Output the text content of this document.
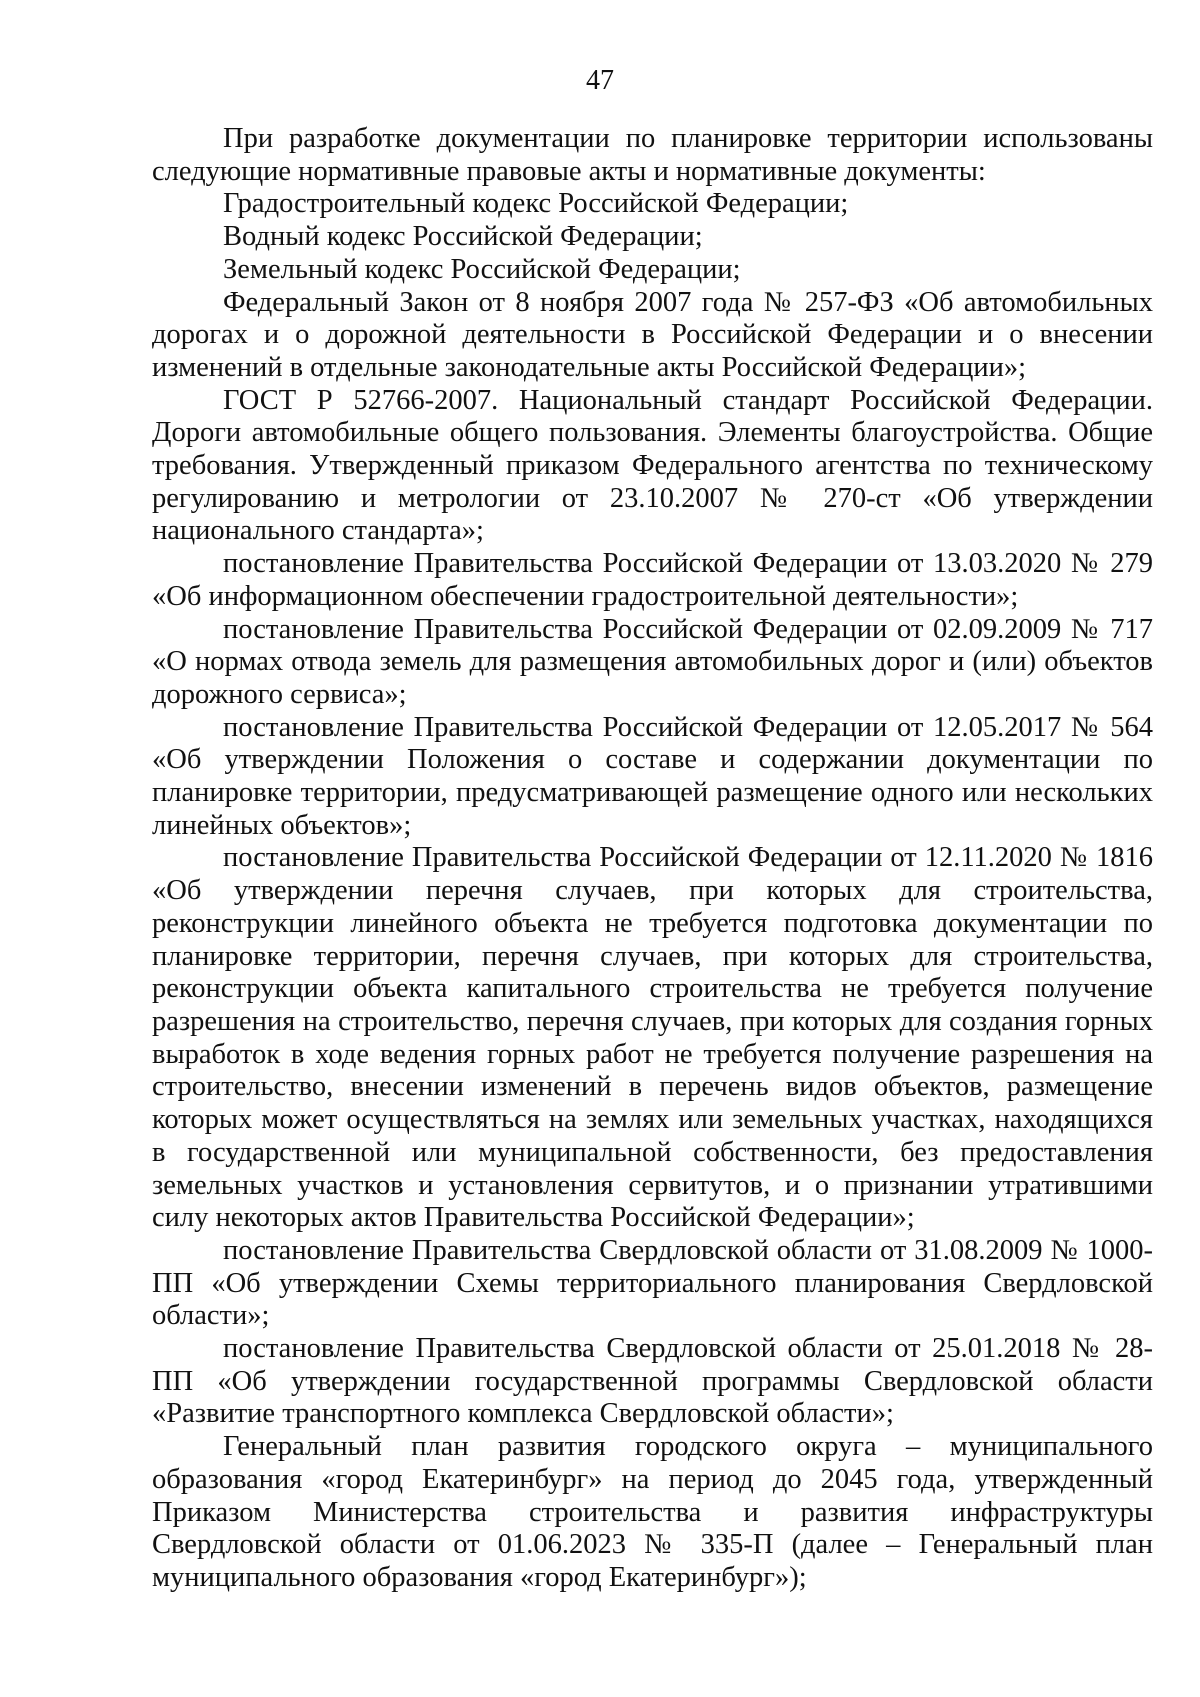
47

При разработке документации по планировке территории использованы следующие нормативные правовые акты и нормативные документы:

Градостроительный кодекс Российской Федерации;

Водный кодекс Российской Федерации;

Земельный кодекс Российской Федерации;

Федеральный Закон от 8 ноября 2007 года № 257-ФЗ «Об автомобильных дорогах и о дорожной деятельности в Российской Федерации и о внесении изменений в отдельные законодательные акты Российской Федерации»;

ГОСТ Р 52766-2007. Национальный стандарт Российской Федерации. Дороги автомобильные общего пользования. Элементы благоустройства. Общие требования. Утвержденный приказом Федерального агентства по техническому регулированию и метрологии от 23.10.2007 № 270-ст «Об утверждении национального стандарта»;

постановление Правительства Российской Федерации от 13.03.2020 № 279 «Об информационном обеспечении градостроительной деятельности»;

постановление Правительства Российской Федерации от 02.09.2009 № 717 «О нормах отвода земель для размещения автомобильных дорог и (или) объектов дорожного сервиса»;

постановление Правительства Российской Федерации от 12.05.2017 № 564 «Об утверждении Положения о составе и содержании документации по планировке территории, предусматривающей размещение одного или нескольких линейных объектов»;

постановление Правительства Российской Федерации от 12.11.2020 № 1816 «Об утверждении перечня случаев, при которых для строительства, реконструкции линейного объекта не требуется подготовка документации по планировке территории, перечня случаев, при которых для строительства, реконструкции объекта капитального строительства не требуется получение разрешения на строительство, перечня случаев, при которых для создания горных выработок в ходе ведения горных работ не требуется получение разрешения на строительство, внесении изменений в перечень видов объектов, размещение которых может осуществляться на землях или земельных участках, находящихся в государственной или муниципальной собственности, без предоставления земельных участков и установления сервитутов, и о признании утратившими силу некоторых актов Правительства Российской Федерации»;

постановление Правительства Свердловской области от 31.08.2009 № 1000-ПП «Об утверждении Схемы территориального планирования Свердловской области»;

постановление Правительства Свердловской области от 25.01.2018 № 28-ПП «Об утверждении государственной программы Свердловской области «Развитие транспортного комплекса Свердловской области»;

Генеральный план развития городского округа – муниципального образования «город Екатеринбург» на период до 2045 года, утвержденный Приказом Министерства строительства и развития инфраструктуры Свердловской области от 01.06.2023 № 335-П (далее – Генеральный план муниципального образования «город Екатеринбург»);
